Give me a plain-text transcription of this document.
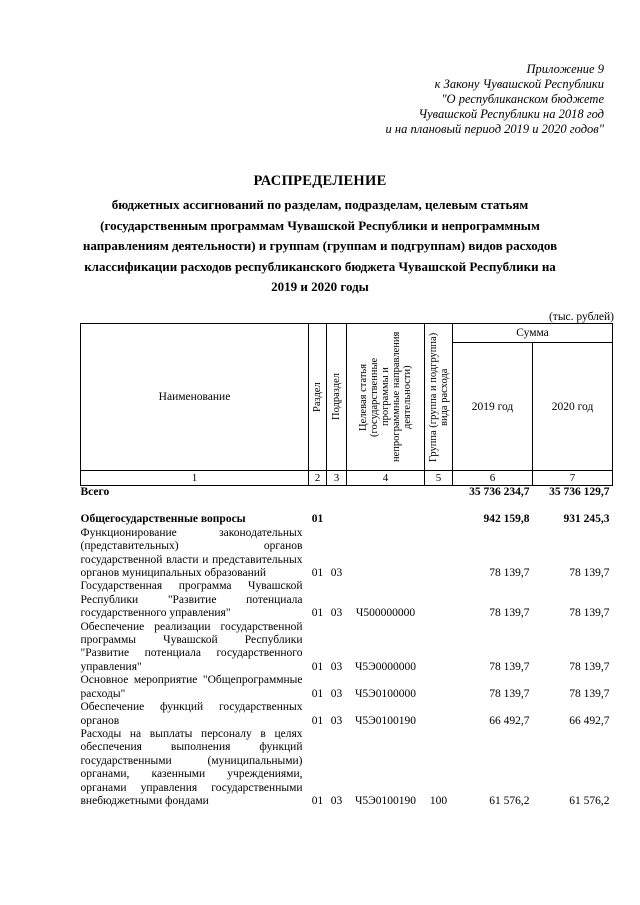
Приложение 9
к Закону Чувашской Республики
"О республиканском бюджете
Чувашской Республики на 2018 год
и на плановый период 2019 и 2020 годов"
РАСПРЕДЕЛЕНИЕ
бюджетных ассигнований по разделам, подразделам, целевым статьям (государственным программам Чувашской Республики и непрограммным направлениям деятельности) и группам (группам и подгруппам) видов расходов классификации расходов республиканского бюджета Чувашской Республики на 2019 и 2020 годы
(тыс. рублей)
Наименование	Раздел	Подраздел	Целевая статья (государственные программы и непрограммные направления деятельности)	Группа (группа и подгруппа) вида расхода	Сумма	
					2019 год	2020 год
1	2	3	4	5	6	7
Всего					35 736 234,7	35 736 129,7

Общегосударственные вопросы	01				942 159,8	931 245,3
Функционирование законодательных (представительных) органов государственной власти и представительных органов муниципальных образований	01	03			78 139,7	78 139,7
Государственная программа Чувашской Республики "Развитие потенциала государственного управления"	01	03	Ч500000000		78 139,7	78 139,7
Обеспечение реализации государственной программы Чувашской Республики "Развитие потенциала государственного управления"	01	03	Ч5Э0000000		78 139,7	78 139,7
Основное мероприятие "Общепрограммные расходы"	01	03	Ч5Э0100000		78 139,7	78 139,7
Обеспечение функций государственных органов	01	03	Ч5Э0100190		66 492,7	66 492,7
Расходы на выплаты персоналу в целях обеспечения выполнения функций государственными (муниципальными) органами, казенными учреждениями, органами управления государственными внебюджетными фондами	01	03	Ч5Э0100190	100	61 576,2	61 576,2
